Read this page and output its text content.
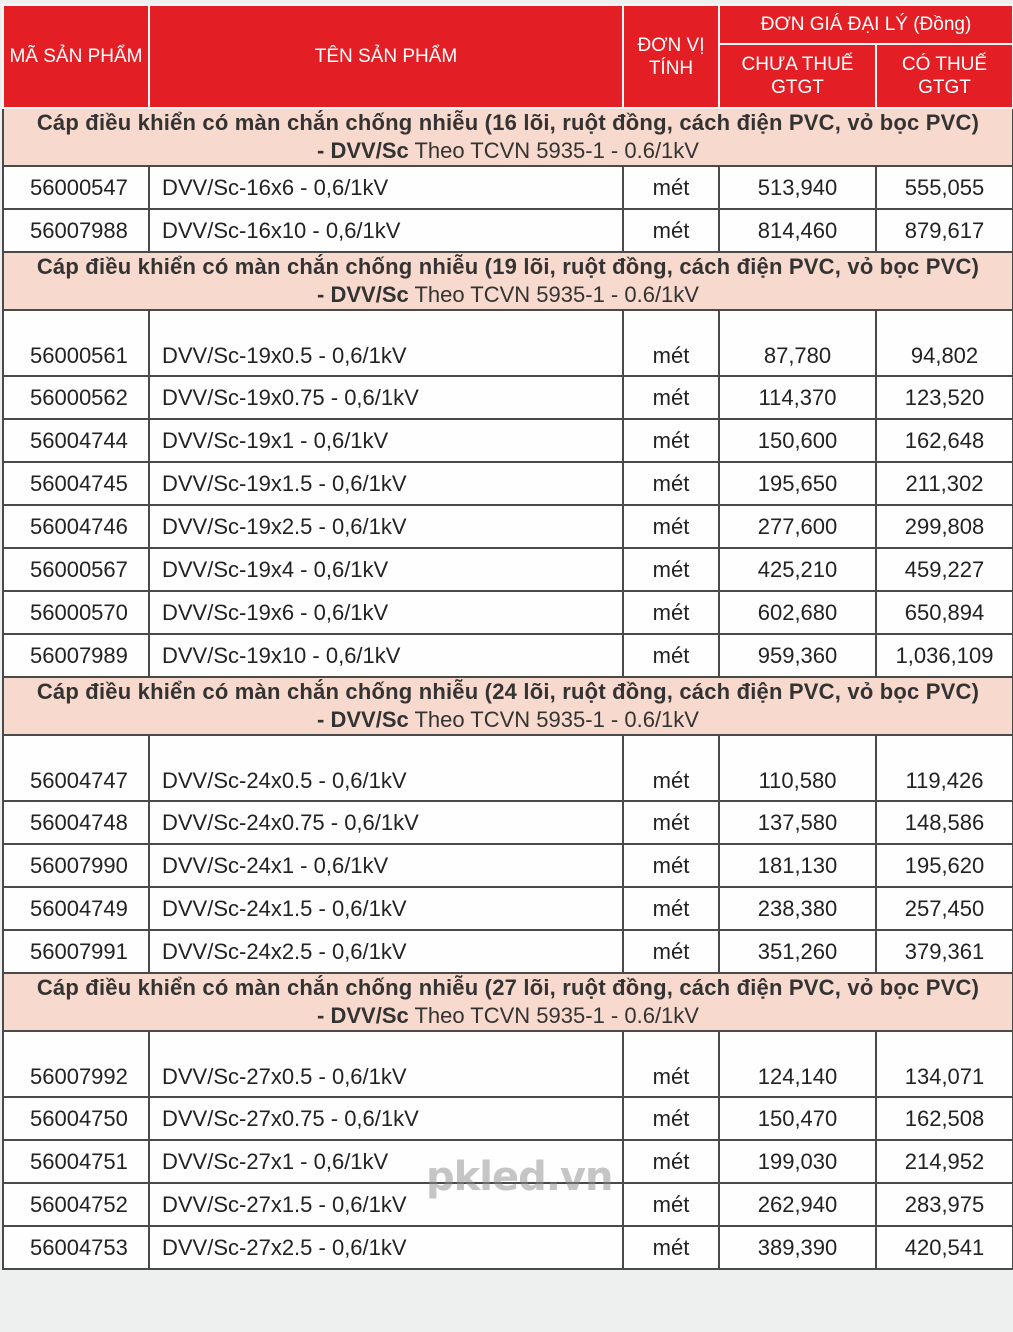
MÃ SẢN PHẨM	TÊN SẢN PHẨM	ĐƠN VỊ TÍNH	ĐƠN GIÁ ĐẠI LÝ (Đồng)	
			CHƯA THUẾ GTGT	CÓ THUẾ GTGT

Cáp điều khiển có màn chắn chống nhiễu (16 lõi, ruột đồng, cách điện PVC, vỏ bọc PVC)
- DVV/Sc Theo TCVN 5935-1 - 0.6/1kV				

56000547	DVV/Sc-16x6 - 0,6/1kV	mét	513,940	555,055
56007988	DVV/Sc-16x10 - 0,6/1kV	mét	814,460	879,617

Cáp điều khiển có màn chắn chống nhiễu (19 lõi, ruột đồng, cách điện PVC, vỏ bọc PVC)
- DVV/Sc Theo TCVN 5935-1 - 0.6/1kV				

56000561	DVV/Sc-19x0.5 - 0,6/1kV	mét	87,780	94,802
56000562	DVV/Sc-19x0.75 - 0,6/1kV	mét	114,370	123,520
56004744	DVV/Sc-19x1 - 0,6/1kV	mét	150,600	162,648
56004745	DVV/Sc-19x1.5 - 0,6/1kV	mét	195,650	211,302
56004746	DVV/Sc-19x2.5 - 0,6/1kV	mét	277,600	299,808
56000567	DVV/Sc-19x4 - 0,6/1kV	mét	425,210	459,227
56000570	DVV/Sc-19x6 - 0,6/1kV	mét	602,680	650,894
56007989	DVV/Sc-19x10 - 0,6/1kV	mét	959,360	1,036,109

Cáp điều khiển có màn chắn chống nhiễu (24 lõi, ruột đồng, cách điện PVC, vỏ bọc PVC)
- DVV/Sc Theo TCVN 5935-1 - 0.6/1kV				

56004747	DVV/Sc-24x0.5 - 0,6/1kV	mét	110,580	119,426
56004748	DVV/Sc-24x0.75 - 0,6/1kV	mét	137,580	148,586
56007990	DVV/Sc-24x1 - 0,6/1kV	mét	181,130	195,620
56004749	DVV/Sc-24x1.5 - 0,6/1kV	mét	238,380	257,450
56007991	DVV/Sc-24x2.5 - 0,6/1kV	mét	351,260	379,361

Cáp điều khiển có màn chắn chống nhiễu (27 lõi, ruột đồng, cách điện PVC, vỏ bọc PVC)
- DVV/Sc Theo TCVN 5935-1 - 0.6/1kV				

56007992	DVV/Sc-27x0.5 - 0,6/1kV	mét	124,140	134,071
56004750	DVV/Sc-27x0.75 - 0,6/1kV	mét	150,470	162,508
56004751	DVV/Sc-27x1 - 0,6/1kV	mét	199,030	214,952
56004752	DVV/Sc-27x1.5 - 0,6/1kV	mét	262,940	283,975
56004753	DVV/Sc-27x2.5 - 0,6/1kV	mét	389,390	420,541
pkled.vn
